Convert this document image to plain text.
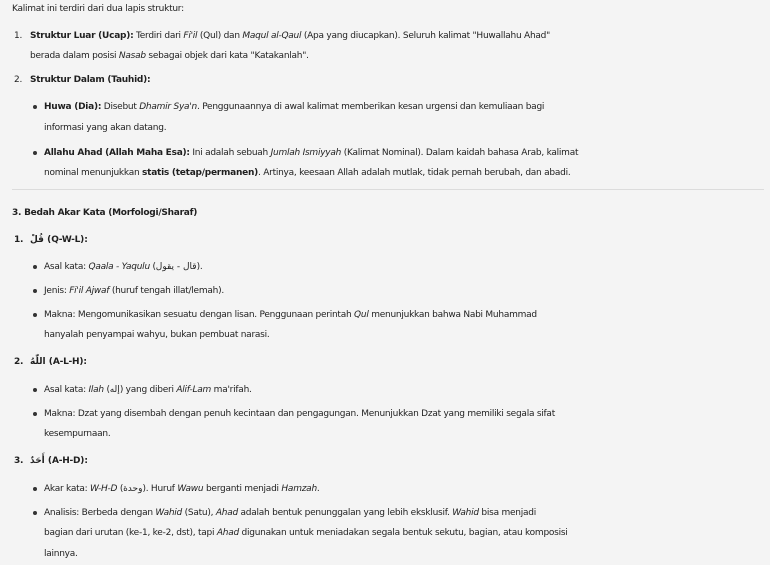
Kalimat ini terdiri dari dua lapis struktur:
1. Struktur Luar (Ucap): Terdiri dari Fi'il (Qul) dan Maqul al-Qaul (Apa yang diucapkan). Seluruh kalimat "Huwallahu Ahad"
berada dalam posisi Nasab sebagai objek dari kata "Katakanlah".
2. Struktur Dalam (Tauhid):
Huwa (Dia): Disebut Dhamir Sya'n. Penggunaannya di awal kalimat memberikan kesan urgensi dan kemuliaan bagi
informasi yang akan datang.
Allahu Ahad (Allah Maha Esa): Ini adalah sebuah Jumlah Ismiyyah (Kalimat Nominal). Dalam kaidah bahasa Arab, kalimat
nominal menunjukkan statis (tetap/permanen). Artinya, keesaan Allah adalah mutlak, tidak pernah berubah, dan abadi.
3. Bedah Akar Kata (Morfologi/Sharaf)
1. قُلْ (Q-W-L):
Asal kata: Qaala - Yaqulu (قال - يقول).
Jenis: Fi'il Ajwaf (huruf tengah illat/lemah).
Makna: Mengomunikasikan sesuatu dengan lisan. Penggunaan perintah Qul menunjukkan bahwa Nabi Muhammad
hanyalah penyampai wahyu, bukan pembuat narasi.
2. اللّٰهُ (A-L-H):
Asal kata: Ilah (إله) yang diberi Alif-Lam ma'rifah.
Makna: Dzat yang disembah dengan penuh kecintaan dan pengagungan. Menunjukkan Dzat yang memiliki segala sifat
kesempurnaan.
3. أَحَدٌ (A-H-D):
Akar kata: W-H-D (وحدة). Huruf Wawu berganti menjadi Hamzah.
Analisis: Berbeda dengan Wahid (Satu), Ahad adalah bentuk penunggalan yang lebih eksklusif. Wahid bisa menjadi
bagian dari urutan (ke-1, ke-2, dst), tapi Ahad digunakan untuk meniadakan segala bentuk sekutu, bagian, atau komposisi
lainnya.
